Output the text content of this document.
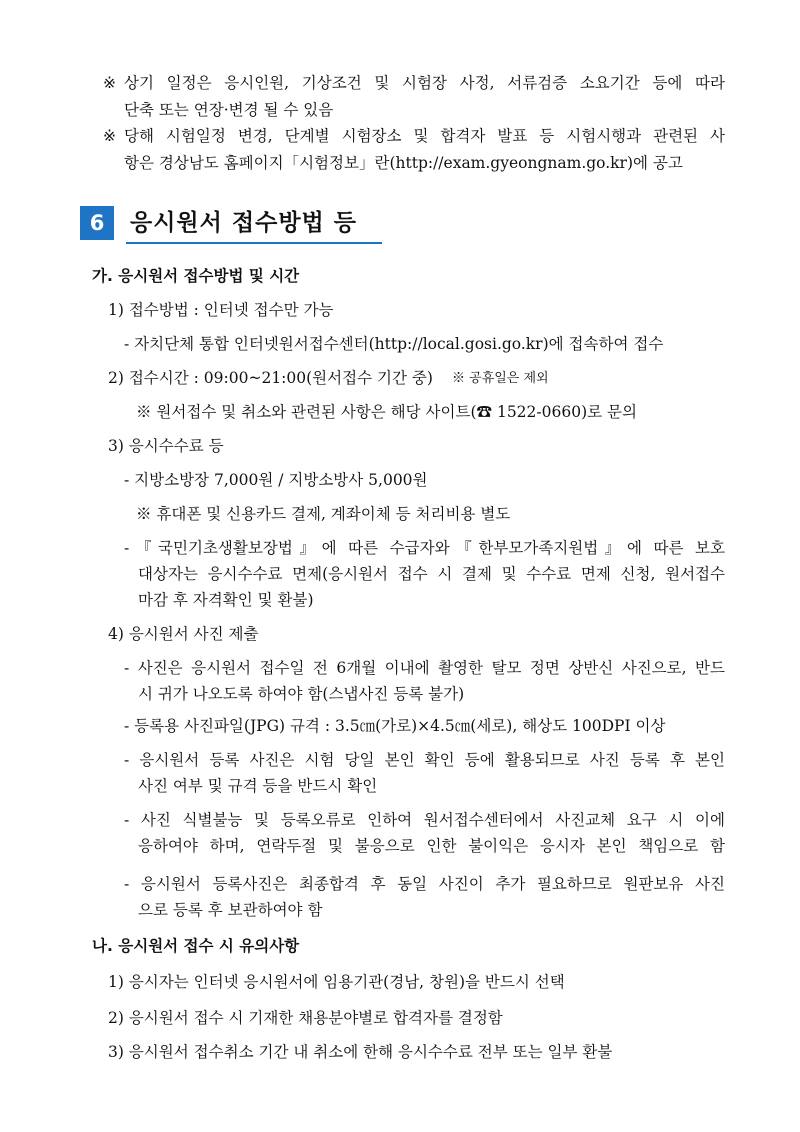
※ 상기 일정은 응시인원, 기상조건 및 시험장 사정, 서류검증 소요기간 등에 따라
단축 또는 연장·변경 될 수 있음
※ 당해 시험일정 변경, 단계별 시험장소 및 합격자 발표 등 시험시행과 관련된 사
항은 경상남도 홈페이지「시험정보」란(http://exam.gyeongnam.go.kr)에 공고
6	응시원서 접수방법 등
가. 응시원서 접수방법 및 시간
1) 접수방법 : 인터넷 접수만 가능
- 자치단체 통합 인터넷원서접수센터(http://local.gosi.go.kr)에 접속하여 접수
2) 접수시간 : 09:00~21:00(원서접수 기간 중) ※ 공휴일은 제외
※ 원서접수 및 취소와 관련된 사항은 해당 사이트(☎ 1522-0660)로 문의
3) 응시수수료 등
- 지방소방장 7,000원 / 지방소방사 5,000원
※ 휴대폰 및 신용카드 결제, 계좌이체 등 처리비용 별도
-『국민기초생활보장법』에 따른 수급자와『한부모가족지원법』에 따른 보호
대상자는 응시수수료 면제(응시원서 접수 시 결제 및 수수료 면제 신청, 원서접수
마감 후 자격확인 및 환불)
4) 응시원서 사진 제출
- 사진은 응시원서 접수일 전 6개월 이내에 촬영한 탈모 정면 상반신 사진으로, 반드
시 귀가 나오도록 하여야 함(스냅사진 등록 불가)
- 등록용 사진파일(JPG) 규격 : 3.5㎝(가로)×4.5㎝(세로), 해상도 100DPI 이상
- 응시원서 등록 사진은 시험 당일 본인 확인 등에 활용되므로 사진 등록 후 본인
사진 여부 및 규격 등을 반드시 확인
- 사진 식별불능 및 등록오류로 인하여 원서접수센터에서 사진교체 요구 시 이에
응하여야 하며, 연락두절 및 불응으로 인한 불이익은 응시자 본인 책임으로 함
- 응시원서 등록사진은 최종합격 후 동일 사진이 추가 필요하므로 원판보유 사진
으로 등록 후 보관하여야 함
나. 응시원서 접수 시 유의사항
1) 응시자는 인터넷 응시원서에 임용기관(경남, 창원)을 반드시 선택
2) 응시원서 접수 시 기재한 채용분야별로 합격자를 결정함
3) 응시원서 접수취소 기간 내 취소에 한해 응시수수료 전부 또는 일부 환불
